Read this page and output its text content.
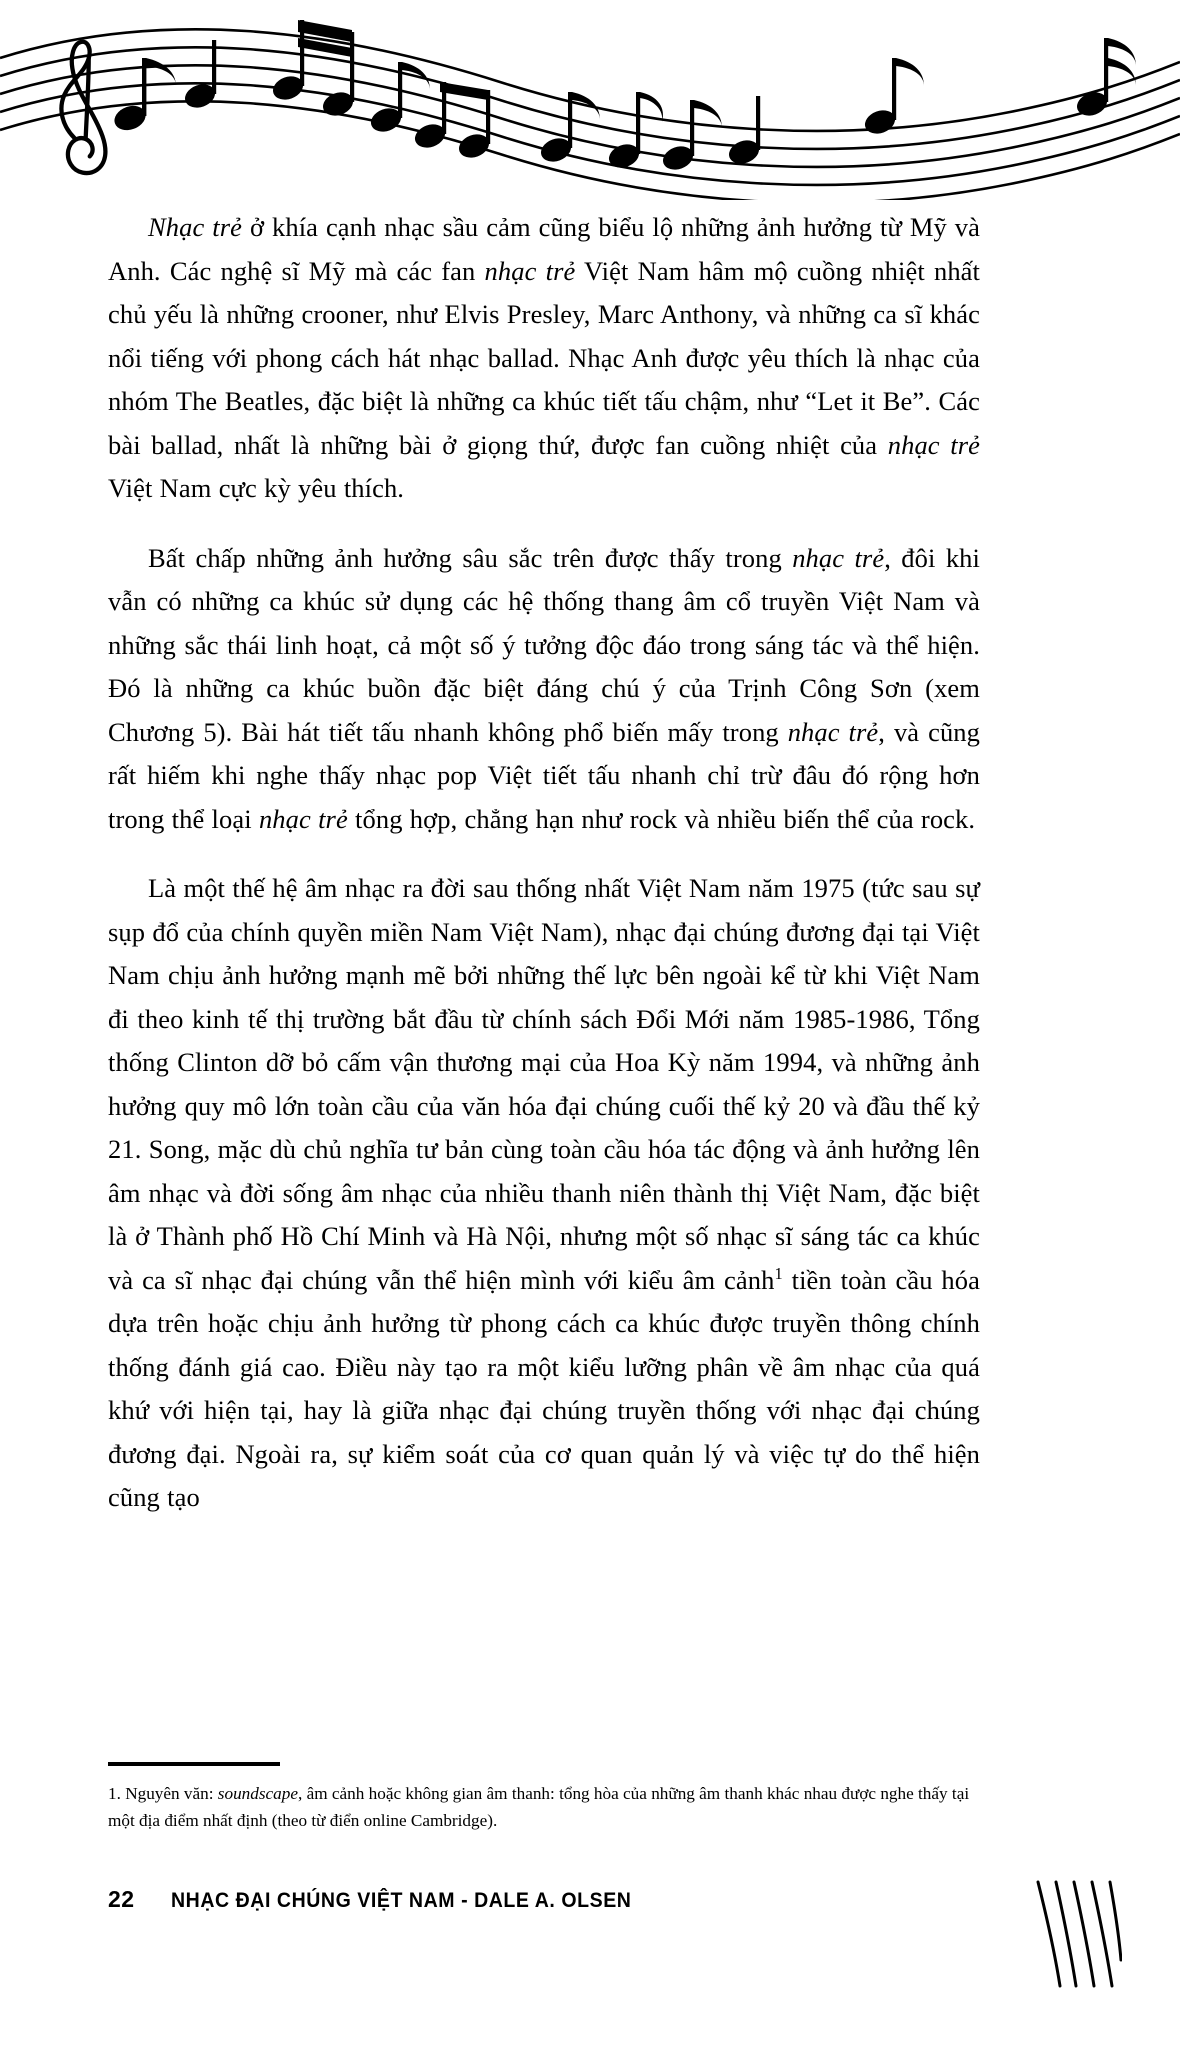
Nhạc trẻ ở khía cạnh nhạc sầu cảm cũng biểu lộ những ảnh hưởng từ Mỹ và Anh. Các nghệ sĩ Mỹ mà các fan nhạc trẻ Việt Nam hâm mộ cuồng nhiệt nhất chủ yếu là những crooner, như Elvis Presley, Marc Anthony, và những ca sĩ khác nổi tiếng với phong cách hát nhạc ballad. Nhạc Anh được yêu thích là nhạc của nhóm The Beatles, đặc biệt là những ca khúc tiết tấu chậm, như “Let it Be”. Các bài ballad, nhất là những bài ở giọng thứ, được fan cuồng nhiệt của nhạc trẻ Việt Nam cực kỳ yêu thích.

Bất chấp những ảnh hưởng sâu sắc trên được thấy trong nhạc trẻ, đôi khi vẫn có những ca khúc sử dụng các hệ thống thang âm cổ truyền Việt Nam và những sắc thái linh hoạt, cả một số ý tưởng độc đáo trong sáng tác và thể hiện. Đó là những ca khúc buồn đặc biệt đáng chú ý của Trịnh Công Sơn (xem Chương 5). Bài hát tiết tấu nhanh không phổ biến mấy trong nhạc trẻ, và cũng rất hiếm khi nghe thấy nhạc pop Việt tiết tấu nhanh chỉ trừ đâu đó rộng hơn trong thể loại nhạc trẻ tổng hợp, chẳng hạn như rock và nhiều biến thể của rock.

Là một thế hệ âm nhạc ra đời sau thống nhất Việt Nam năm 1975 (tức sau sự sụp đổ của chính quyền miền Nam Việt Nam), nhạc đại chúng đương đại tại Việt Nam chịu ảnh hưởng mạnh mẽ bởi những thế lực bên ngoài kể từ khi Việt Nam đi theo kinh tế thị trường bắt đầu từ chính sách Đổi Mới năm 1985-1986, Tổng thống Clinton dỡ bỏ cấm vận thương mại của Hoa Kỳ năm 1994, và những ảnh hưởng quy mô lớn toàn cầu của văn hóa đại chúng cuối thế kỷ 20 và đầu thế kỷ 21. Song, mặc dù chủ nghĩa tư bản cùng toàn cầu hóa tác động và ảnh hưởng lên âm nhạc và đời sống âm nhạc của nhiều thanh niên thành thị Việt Nam, đặc biệt là ở Thành phố Hồ Chí Minh và Hà Nội, nhưng một số nhạc sĩ sáng tác ca khúc và ca sĩ nhạc đại chúng vẫn thể hiện mình với kiểu âm cảnh$^1$ tiền toàn cầu hóa dựa trên hoặc chịu ảnh hưởng từ phong cách ca khúc được truyền thông chính thống đánh giá cao. Điều này tạo ra một kiểu lưỡng phân về âm nhạc của quá khứ với hiện tại, hay là giữa nhạc đại chúng truyền thống với nhạc đại chúng đương đại. Ngoài ra, sự kiểm soát của cơ quan quản lý và việc tự do thể hiện cũng tạo

1. Nguyên văn: soundscape, âm cảnh hoặc không gian âm thanh: tổng hòa của những âm thanh khác nhau được nghe thấy tại một địa điểm nhất định (theo từ điển online Cambridge).

22 NHẠC ĐẠI CHÚNG VIỆT NAM - DALE A. OLSEN
